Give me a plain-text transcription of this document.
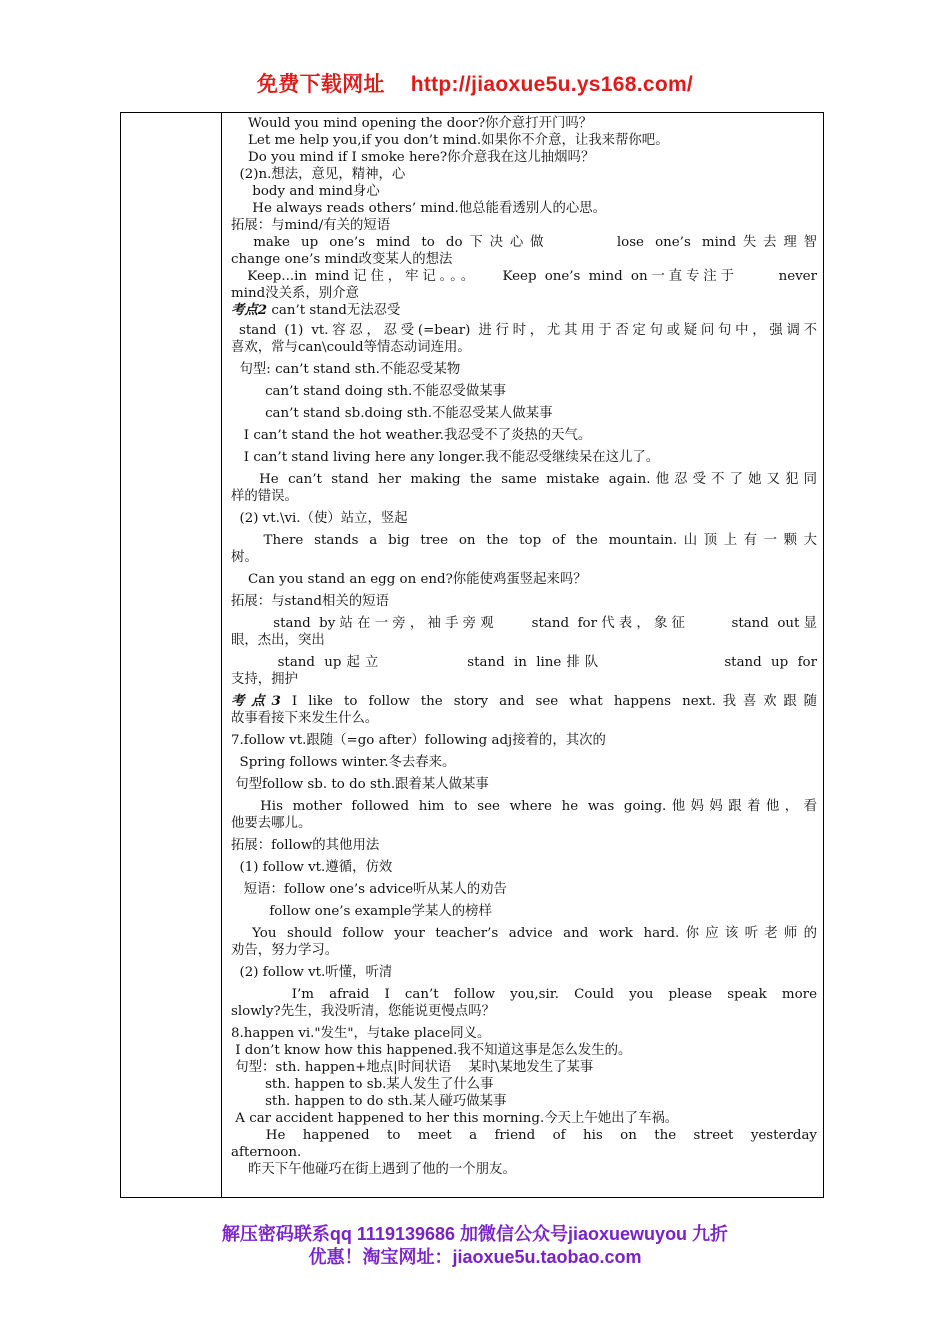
免费下载网址 http://jiaoxue5u.ys168.com/

Would you mind opening the door?你介意打开门吗？

Let me help you,if you don’t mind.如果你不介意，让我来帮你吧。

Do you mind if I smoke here?你介意我在这儿抽烟吗？

(2)n.想法，意见，精神，心

body and mind身心

He always reads others’ mind.他总能看透别人的心思。

拓展：与mind/有关的短语

make up one’s mind to do下决心做      lose one’s mind失去理智

change one’s mind改变某人的想法

Keep...in mind记住，牢记。。。   Keep one’s mind on一直专注于     never

mind没关系，别介意

考点2 can’t stand无法忍受

stand (1) vt.容忍，忍受(=bear) 进行时，尤其用于否定句或疑问句中，强调不

喜欢，常与can\could等情态动词连用。

句型: can’t stand sth.不能忍受某物

can’t stand doing sth.不能忍受做某事

can’t stand sb.doing sth.不能忍受某人做某事

I can’t stand the hot weather.我忍受不了炎热的天气。

I can’t stand living here any longer.我不能忍受继续呆在这儿了。

He can’t stand her making the same mistake again.他忍受不了她又犯同

样的错误。

(2) vt.\vi.（使）站立，竖起

There stands a big tree on the top of the mountain.山顶上有一颗大

树。

Can you stand an egg on end?你能使鸡蛋竖起来吗？

拓展：与stand相关的短语

stand by站在一旁，袖手旁观    stand for代表，象征     stand out显

眼，杰出，突出

stand up起立         stand in line排队             stand up for

支持，拥护

考点3 I like to follow the story and see what happens next.我喜欢跟随

故事看接下来发生什么。

7.follow vt.跟随（=go after）following adj接着的，其次的

Spring follows winter.冬去春来。

句型follow sb. to do sth.跟着某人做某事

His mother followed him to see where he was going.他妈妈跟着他，看

他要去哪儿。

拓展：follow的其他用法

(1) follow vt.遵循，仿效

短语：follow one’s advice听从某人的劝告

follow one’s example学某人的榜样

You should follow your teacher’s advice and work hard.你应该听老师的

劝告，努力学习。

(2) follow vt.听懂，听清

I’m afraid I can’t follow you,sir. Could you please speak more

slowly?先生，我没听清，您能说更慢点吗？

8.happen vi."发生"，与take place同义。

I don’t know how this happened.我不知道这事是怎么发生的。

句型：sth. happen+地点|时间状语    某时\某地发生了某事

sth. happen to sb.某人发生了什么事

sth. happen to do sth.某人碰巧做某事

A car accident happened to her this morning.今天上午她出了车祸。

He happened to meet a friend of his on the street yesterday

afternoon.

昨天下午他碰巧在街上遇到了他的一个朋友。

解压密码联系qq 1119139686 加微信公众号jiaoxuewuyou 九折
优惠！淘宝网址：jiaoxue5u.taobao.com
